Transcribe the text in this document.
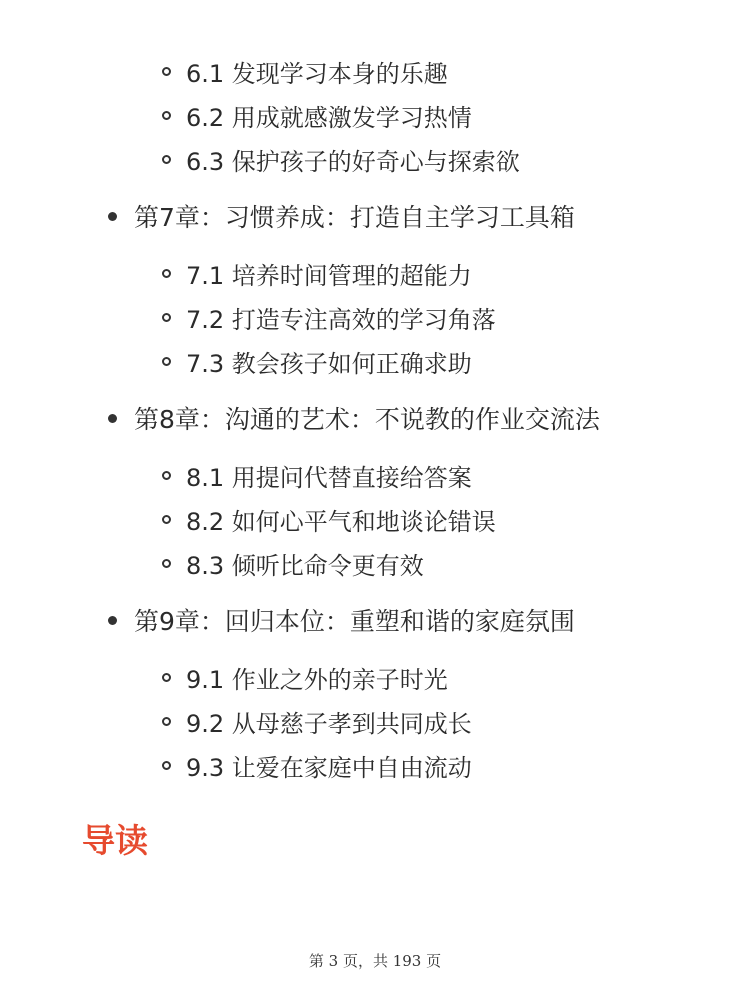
6.1 发现学习本身的乐趣
6.2 用成就感激发学习热情
6.3 保护孩子的好奇心与探索欲
第7章：习惯养成：打造自主学习工具箱
7.1 培养时间管理的超能力
7.2 打造专注高效的学习角落
7.3 教会孩子如何正确求助
第8章：沟通的艺术：不说教的作业交流法
8.1 用提问代替直接给答案
8.2 如何心平气和地谈论错误
8.3 倾听比命令更有效
第9章：回归本位：重塑和谐的家庭氛围
9.1 作业之外的亲子时光
9.2 从母慈子孝到共同成长
9.3 让爱在家庭中自由流动
导读
第 3 页，共 193 页
